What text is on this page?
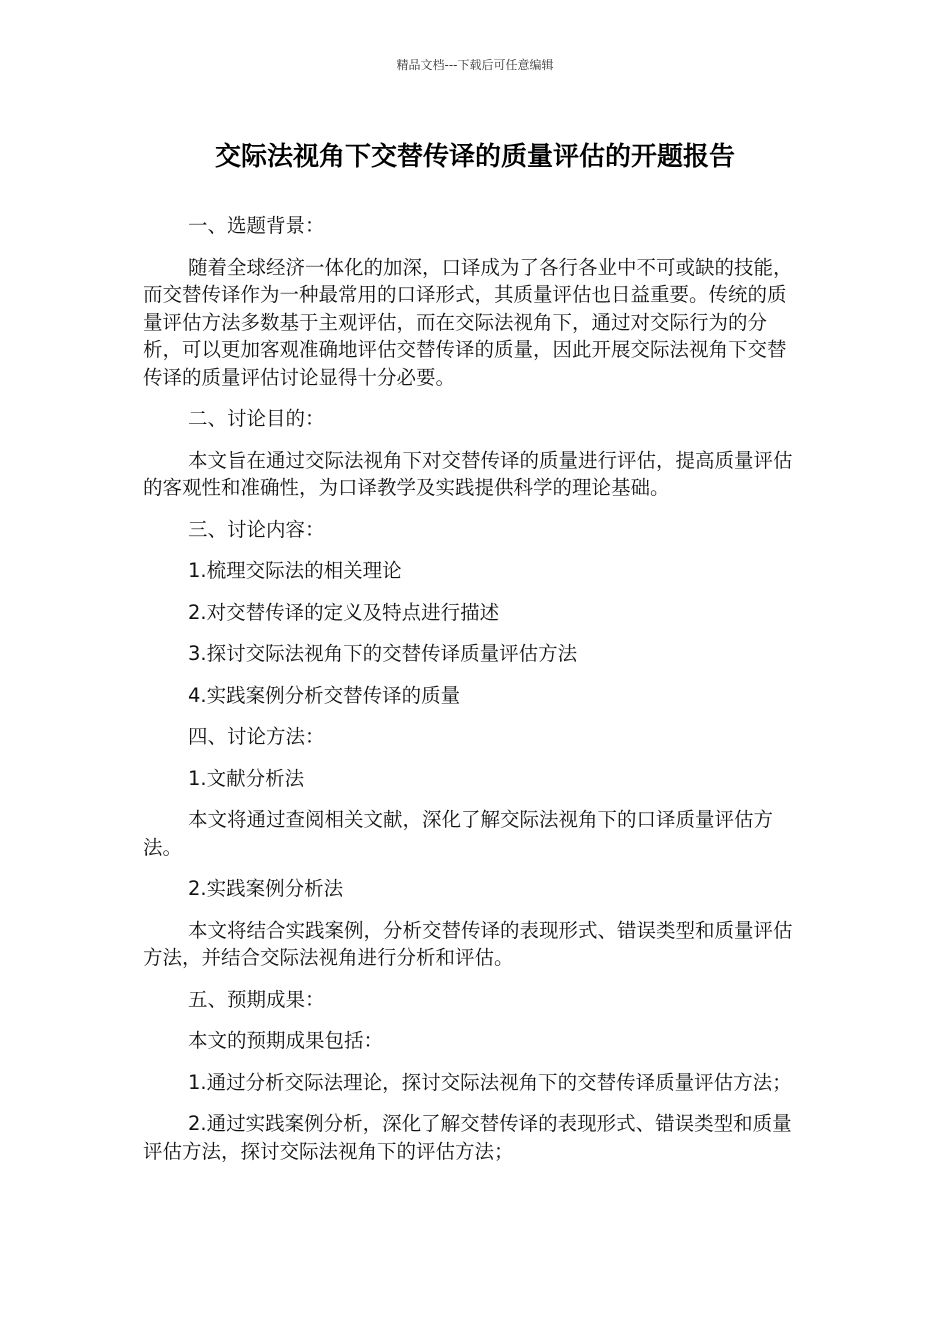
精品文档---下载后可任意编辑
交际法视角下交替传译的质量评估的开题报告

一、选题背景：

随着全球经济一体化的加深，口译成为了各行各业中不可或缺的技能，而交替传译作为一种最常用的口译形式，其质量评估也日益重要。传统的质量评估方法多数基于主观评估，而在交际法视角下，通过对交际行为的分析，可以更加客观准确地评估交替传译的质量，因此开展交际法视角下交替传译的质量评估讨论显得十分必要。

二、讨论目的：

本文旨在通过交际法视角下对交替传译的质量进行评估，提高质量评估的客观性和准确性，为口译教学及实践提供科学的理论基础。

三、讨论内容：

1.梳理交际法的相关理论

2.对交替传译的定义及特点进行描述

3.探讨交际法视角下的交替传译质量评估方法

4.实践案例分析交替传译的质量

四、讨论方法：

1.文献分析法

本文将通过查阅相关文献，深化了解交际法视角下的口译质量评估方法。

2.实践案例分析法

本文将结合实践案例，分析交替传译的表现形式、错误类型和质量评估方法，并结合交际法视角进行分析和评估。

五、预期成果：

本文的预期成果包括：

1.通过分析交际法理论，探讨交际法视角下的交替传译质量评估方法；

2.通过实践案例分析，深化了解交替传译的表现形式、错误类型和质量评估方法，探讨交际法视角下的评估方法；
